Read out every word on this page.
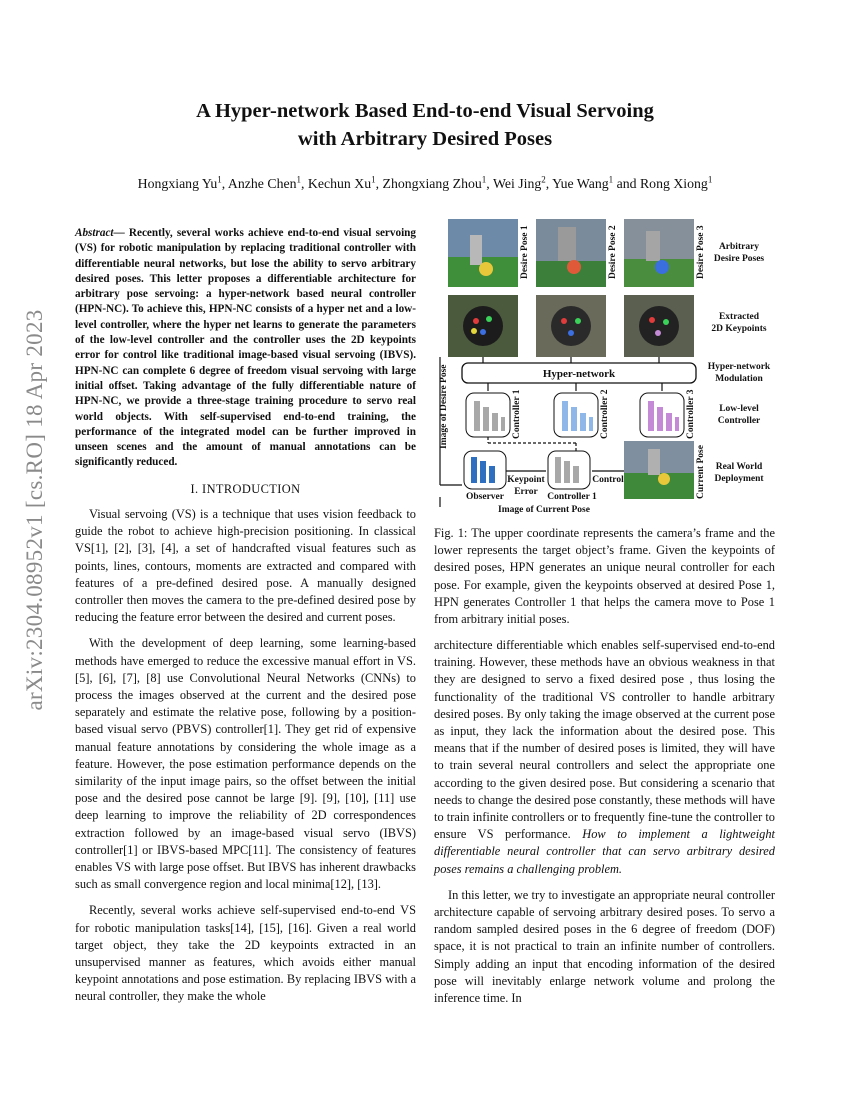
arXiv:2304.08952v1 [cs.RO] 18 Apr 2023
A Hyper-network Based End-to-end Visual Servoing
with Arbitrary Desired Poses
Hongxiang Yu$^1$, Anzhe Chen$^1$, Kechun Xu$^1$, Zhongxiang Zhou$^1$, Wei Jing$^2$, Yue Wang$^1$ and Rong Xiong$^1$
Abstract— Recently, several works achieve end-to-end visual servoing (VS) for robotic manipulation by replacing traditional controller with differentiable neural networks, but lose the ability to servo arbitrary desired poses. This letter proposes a differentiable architecture for arbitrary pose servoing: a hyper-network based neural controller (HPN-NC). To achieve this, HPN-NC consists of a hyper net and a low-level controller, where the hyper net learns to generate the parameters of the low-level controller and the controller uses the 2D keypoints error for control like traditional image-based visual servoing (IBVS). HPN-NC can complete 6 degree of freedom visual servoing with large initial offset. Taking advantage of the fully differentiable nature of HPN-NC, we provide a three-stage training procedure to servo real world objects. With self-supervised end-to-end training, the performance of the integrated model can be further improved in unseen scenes and the amount of manual annotations can be significantly reduced.
I. INTRODUCTION

Visual servoing (VS) is a technique that uses vision feedback to guide the robot to achieve high-precision positioning. In classical VS[1], [2], [3], [4], a set of handcrafted visual features such as points, lines, contours, moments are extracted and compared with features of a pre-defined desired pose. A manually designed controller then moves the camera to the pre-defined desired pose by reducing the feature error between the desired and current poses.

With the development of deep learning, some learning-based methods have emerged to reduce the excessive manual effort in VS. [5], [6], [7], [8] use Convolutional Neural Networks (CNNs) to process the images observed at the current and the desired pose separately and estimate the relative pose, following by a position-based visual servo (PBVS) controller[1]. They get rid of expensive manual feature annotations by considering the whole image as a feature. However, the pose estimation performance depends on the similarity of the input image pairs, so the offset between the initial pose and the desired pose cannot be large [9]. [9], [10], [11] use deep learning to improve the reliability of 2D correspondences extraction followed by an image-based visual servo (IBVS) controller[1] or IBVS-based MPC[11]. The consistency of features enables VS with large pose offset. But IBVS has inherent drawbacks such as small convergence region and local minima[12], [13].

Recently, several works achieve self-supervised end-to-end VS for robotic manipulation tasks[14], [15], [16]. Given a real world target object, they take the 2D keypoints extracted in an unsupervised manner as features, which avoids either manual keypoint annotations and pose estimation. By replacing IBVS with a neural controller, they make the whole

Desire Pose 1	Desire Pose 2	Desire Pose 3 Arbitrary
Desire Poses
Extracted
2D Keypoints
Hyper-network
Hyper-network
Modulation
Controller 1	Controller 2	Controller 3 Low-level
Controller
Image of Desire Pose
Observer
Keypoint
Error Controller 1
Control	Current Pose
Image of Current Pose
Real World
Deployment
Fig. 1: The upper coordinate represents the camera’s frame and the lower represents the target object’s frame. Given the keypoints of desired poses, HPN generates an unique neural controller for each pose. For example, given the keypoints observed at desired Pose 1, HPN generates Controller 1 that helps the camera move to Pose 1 from arbitrary initial poses.

architecture differentiable which enables self-supervised end-to-end training. However, these methods have an obvious weakness in that they are designed to servo a fixed desired pose , thus losing the functionality of the traditional VS controller to handle arbitrary desired poses. By only taking the image observed at the current pose as input, they lack the information about the desired pose. This means that if the number of desired poses is limited, they will have to train several neural controllers and select the appropriate one according to the given desired pose. But considering a scenario that needs to change the desired pose constantly, these methods will have to train infinite controllers or to frequently fine-tune the controller to ensure VS performance. How to implement a lightweight differentiable neural controller that can servo arbitrary desired poses remains a challenging problem.

In this letter, we try to investigate an appropriate neural controller architecture capable of servoing arbitrary desired poses. To servo a random sampled desired poses in the 6 degree of freedom (DOF) space, it is not practical to train an infinite number of controllers. Simply adding an input that encoding information of the desired pose will inevitably enlarge network volume and prolong the inference time. In
